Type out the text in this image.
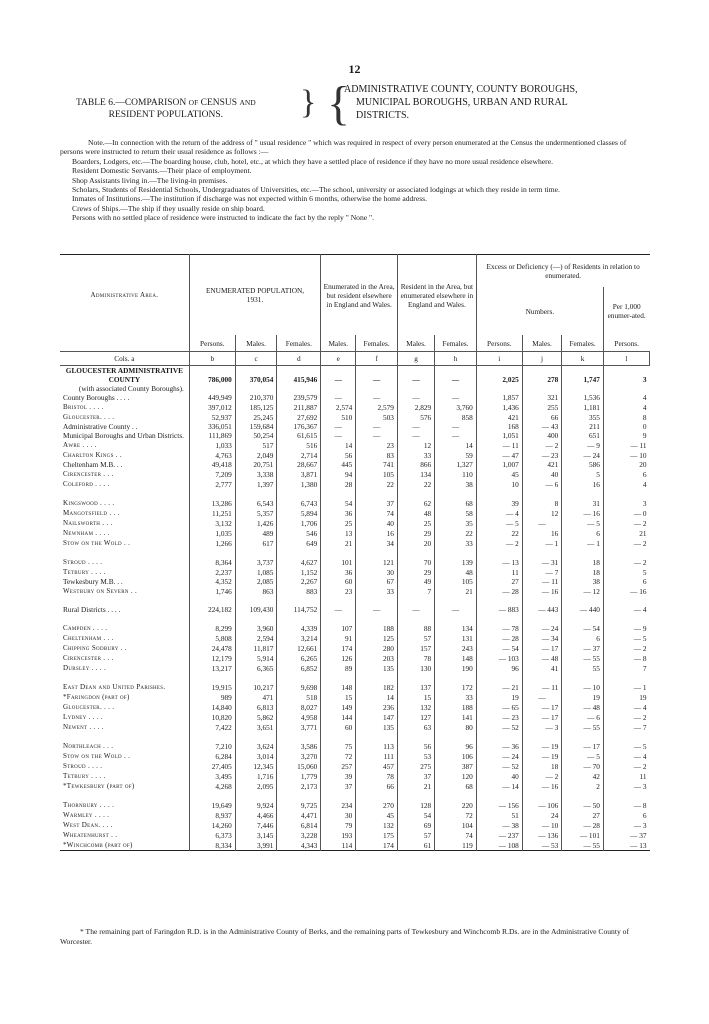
12
TABLE 6.—COMPARISON OF CENSUS AND
RESIDENT POPULATIONS.	} {
ADMINISTRATIVE COUNTY, COUNTY BOROUGHS,
MUNICIPAL BOROUGHS, URBAN AND RURAL
DISTRICTS.

Note.—In connection with the return of the address of " usual residence " which was required in respect of every person enumerated at the Census the undermentioned classes of persons were instructed to return their usual residence as follows :—

Boarders, Lodgers, etc.—The boarding house, club, hotel, etc., at which they have a settled place of residence if they have no more usual residence elsewhere.

Resident Domestic Servants.—Their place of employment.

Shop Assistants living in.—The living-in premises.

Scholars, Students of Residential Schools, Undergraduates of Universities, etc.—The school, university or associated lodgings at which they reside in term time.

Inmates of Institutions.—The institution if discharge was not expected within 6 months, otherwise the home address.

Crews of Ships.—The ship if they usually reside on ship board.

Persons with no settled place of residence were instructed to indicate the fact by the reply " None ".

Administrative Area.	ENUMERATED POPULATION,
1931.			Enumerated in the Area, but resident elsewhere in England and Wales.		Resident in the Area, but enumerated elsewhere in England and Wales.		Excess or Deficiency (—) of Residents in relation to enumerated.			
								Numbers.			Per 1,000 enumer-ated.
	Persons.	Males.	Females.	Males.	Females.	Males.	Females.	Persons.	Males.	Females.	Persons.
Cols. a	b	c	d	e	f	g	h	i	j	k	l
GLOUCESTER ADMINISTRATIVE COUNTY
(with associated County Boroughs).	786,000	370,054	415,946	—	—	—	—	2,025	278	1,747	3
County Boroughs . . . .	449,949	210,370	239,579	—	—	—	—	1,857	321	1,536	4
Bristol . . . .	397,012	185,125	211,887	2,574	2,579	2,829	3,760	1,436	255	1,181	4
Gloucester. . . .	52,937	25,245	27,692	510	503	576	858	421	66	355	8
Administrative County . .	336,051	159,684	176,367	—	—	—	—	168	— 43	211	0
Municipal Boroughs and Urban Districts.	111,869	50,254	61,615	—	—	—	—	1,051	400	651	9
Awre . . . .	1,033	517	516	14	23	12	14	— 11	— 2	— 9	— 11
Charlton Kings . .	4,763	2,049	2,714	56	83	33	59	— 47	— 23	— 24	— 10
Cheltenham M.B. . .	49,418	20,751	28,667	445	741	866	1,327	1,007	421	586	20
Cirencester . . .	7,209	3,338	3,871	94	105	134	110	45	40	5	6
Coleford . . . .	2,777	1,397	1,380	28	22	22	38	10	— 6	16	4

Kingswood . . . .	13,286	6,543	6,743	54	37	62	68	39	8	31	3
Mangotsfield . . .	11,251	5,357	5,894	36	74	48	58	— 4	12	— 16	— 0
Nailsworth . . .	3,132	1,426	1,706	25	40	25	35	— 5	—	— 5	— 2
Newnham . . . .	1,035	489	546	13	16	29	22	22	16	6	21
Stow on the Wold . .	1,266	617	649	21	34	20	33	— 2	— 1	— 1	— 2

Stroud . . . .	8,364	3,737	4,627	101	121	70	139	— 13	— 31	18	— 2
Tetbury . . . .	2,237	1,085	1,152	36	30	29	48	11	— 7	18	5
Tewkesbury M.B. . .	4,352	2,085	2,267	60	67	49	105	27	— 11	38	6
Westbury on Severn . .	1,746	863	883	23	33	7	21	— 28	— 16	— 12	— 16

Rural Districts . . . .	224,182	109,430	114,752	—	—	—	—	— 883	— 443	— 440	— 4

Campden . . . .	8,299	3,960	4,339	107	188	88	134	— 78	— 24	— 54	— 9
Cheltenham . . .	5,808	2,594	3,214	91	125	57	131	— 28	— 34	6	— 5
Chipping Sodbury . .	24,478	11,817	12,661	174	280	157	243	— 54	— 17	— 37	— 2
Cirencester . . .	12,179	5,914	6,265	126	203	78	148	— 103	— 48	— 55	— 8
Dursley . . . .	13,217	6,365	6,852	89	135	130	190	96	41	55	7

East Dean and United Parishes.	19,915	10,217	9,698	148	182	137	172	— 21	— 11	— 10	— 1
*Faringdon (part of)	989	471	518	15	14	15	33	19	—	19	19
Gloucester. . . .	14,840	6,813	8,027	149	236	132	188	— 65	— 17	— 48	— 4
Lydney . . . .	10,820	5,862	4,958	144	147	127	141	— 23	— 17	— 6	— 2
Newent . . . .	7,422	3,651	3,771	60	135	63	80	— 52	— 3	— 55	— 7

Northleach . . .	7,210	3,624	3,586	75	113	56	96	— 36	— 19	— 17	— 5
Stow on the Wold . .	6,284	3,014	3,270	72	111	53	106	— 24	— 19	— 5	— 4
Stroud . . . .	27,405	12,345	15,060	257	457	275	387	— 52	18	— 70	— 2
Tetbury . . . .	3,495	1,716	1,779	39	78	37	120	40	— 2	42	11
*Tewkesbury (part of)	4,268	2,095	2,173	37	66	21	68	— 14	— 16	2	— 3

Thornbury . . . .	19,649	9,924	9,725	234	270	128	220	— 156	— 106	— 50	— 8
Warmley . . . .	8,937	4,466	4,471	30	45	54	72	51	24	27	6
West Dean. . . .	14,260	7,446	6,814	79	132	69	104	— 38	— 10	— 28	— 3
Wheatenhurst . .	6,373	3,145	3,228	193	175	57	74	— 237	— 136	— 101	— 37
*Winchcomb (part of)	8,334	3,991	4,343	114	174	61	119	— 108	— 53	— 55	— 13

* The remaining part of Faringdon R.D. is in the Administrative County of Berks, and the remaining parts of Tewkesbury and Winchcomb R.Ds. are in the Administrative County of Worcester.
